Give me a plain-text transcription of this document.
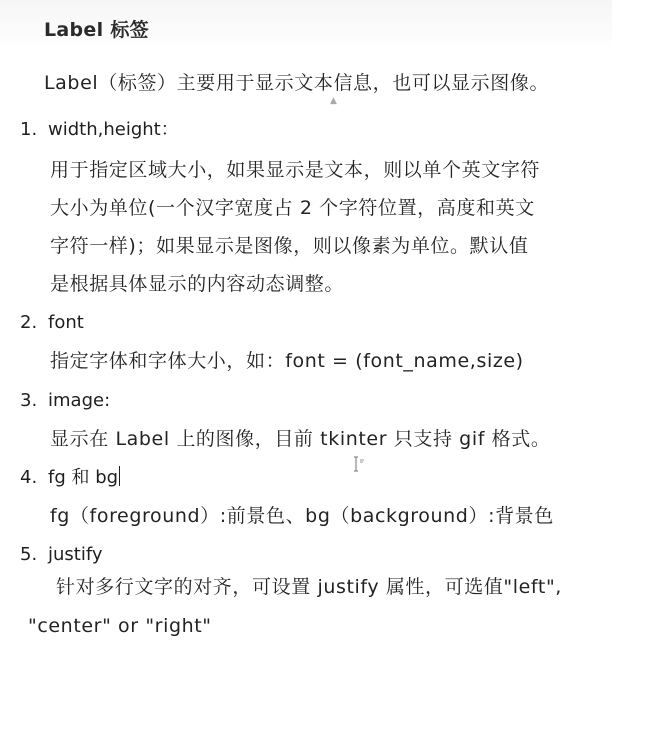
Label 标签
Label（标签）主要用于显示文本信息，也可以显示图像。
▲
1. width,height：
用于指定区域大小，如果显示是文本，则以单个英文字符
大小为单位(一个汉字宽度占 2 个字符位置，高度和英文
字符一样)；如果显示是图像，则以像素为单位。默认值
是根据具体显示的内容动态调整。
2. font
指定字体和字体大小，如：font = (font_name,size)
3. image:
显示在 Label 上的图像，目前 tkinter 只支持 gif 格式。
4. fg 和 bg
fg（foreground）:前景色、bg（background）:背景色
5. justify
针对多行文字的对齐，可设置 justify 属性，可选值"left",
"center" or "right"
